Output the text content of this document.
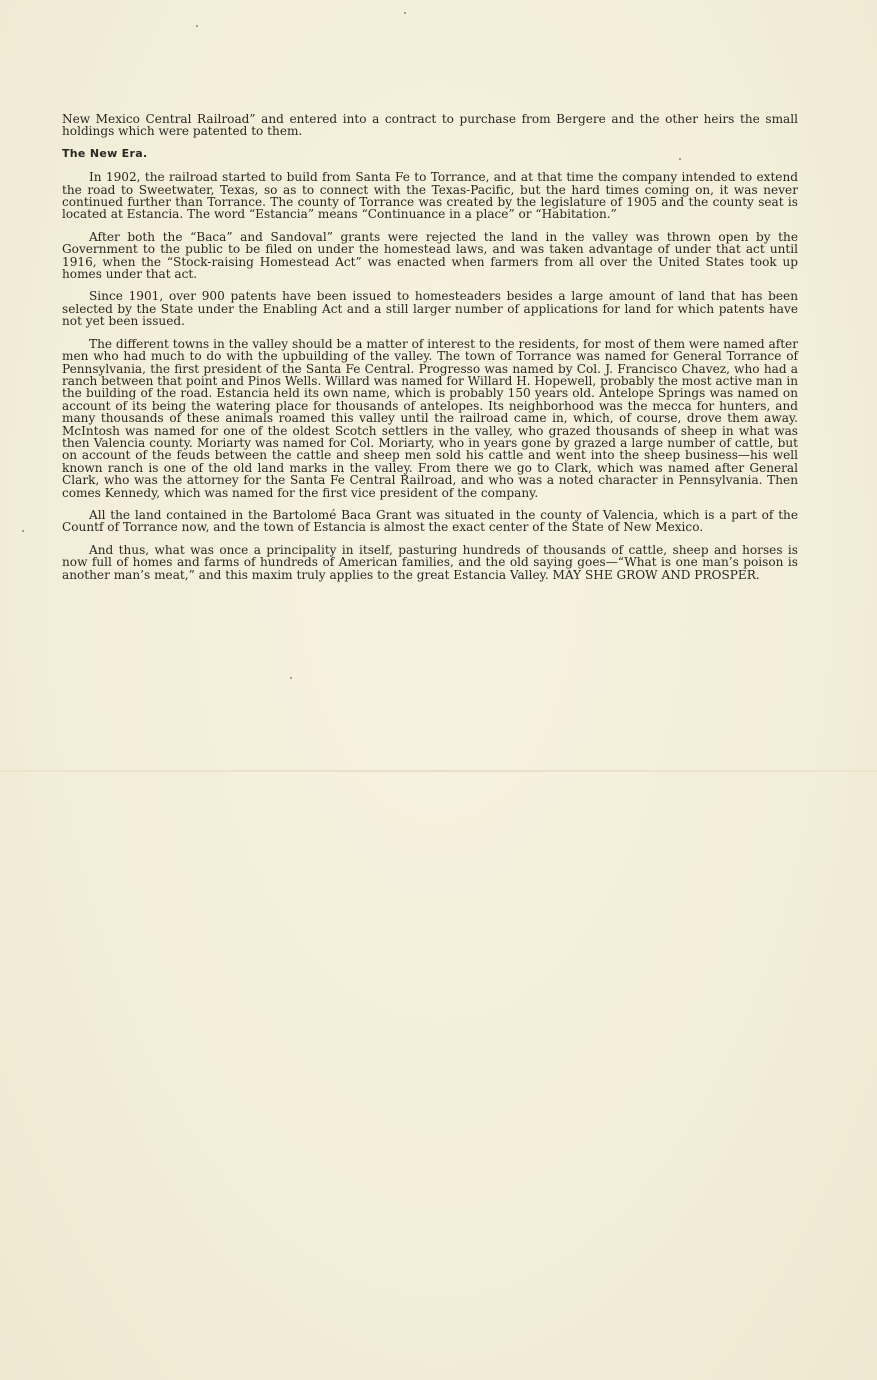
New Mexico Central Railroad” and entered into a contract to purchase from Bergere and the other heirs the small holdings which were patented to them.

The New Era.

In 1902, the railroad started to build from Santa Fe to Torrance, and at that time the company intended to extend the road to Sweetwater, Texas, so as to connect with the Texas-Pacific, but the hard times coming on, it was never continued further than Torrance. The county of Torrance was created by the legislature of 1905 and the county seat is located at Estancia. The word “Estancia” means “Continuance in a place” or “Habitation.”

After both the “Baca” and Sandoval” grants were rejected the land in the valley was thrown open by the Government to the public to be filed on under the homestead laws, and was taken advantage of under that act until 1916, when the “Stock-raising Homestead Act” was enacted when farmers from all over the United States took up homes under that act.

Since 1901, over 900 patents have been issued to homesteaders besides a large amount of land that has been selected by the State under the Enabling Act and a still larger number of applications for land for which patents have not yet been issued.

The different towns in the valley should be a matter of interest to the residents, for most of them were named after men who had much to do with the upbuilding of the valley. The town of Torrance was named for General Torrance of Pennsylvania, the first president of the Santa Fe Central. Progresso was named by Col. J. Francisco Chavez, who had a ranch between that point and Pinos Wells. Willard was named for Willard H. Hopewell, probably the most active man in the building of the road. Estancia held its own name, which is probably 150 years old. Antelope Springs was named on account of its being the watering place for thousands of antelopes. Its neighborhood was the mecca for hunters, and many thousands of these animals roamed this valley until the railroad came in, which, of course, drove them away. McIntosh was named for one of the oldest Scotch settlers in the valley, who grazed thousands of sheep in what was then Valencia county. Moriarty was named for Col. Moriarty, who in years gone by grazed a large number of cattle, but on account of the feuds between the cattle and sheep men sold his cattle and went into the sheep business—his well known ranch is one of the old land marks in the valley. From there we go to Clark, which was named after General Clark, who was the attorney for the Santa Fe Central Railroad, and who was a noted character in Pennsylvania. Then comes Kennedy, which was named for the first vice president of the company.

All the land contained in the Bartolomé Baca Grant was situated in the county of Valencia, which is a part of the Countf of Torrance now, and the town of Estancia is almost the exact center of the State of New Mexico.

And thus, what was once a principality in itself, pasturing hundreds of thousands of cattle, sheep and horses is now full of homes and farms of hundreds of American families, and the old saying goes—“What is one man’s poison is another man’s meat,” and this maxim truly applies to the great Estancia Valley. MAY SHE GROW AND PROSPER.
